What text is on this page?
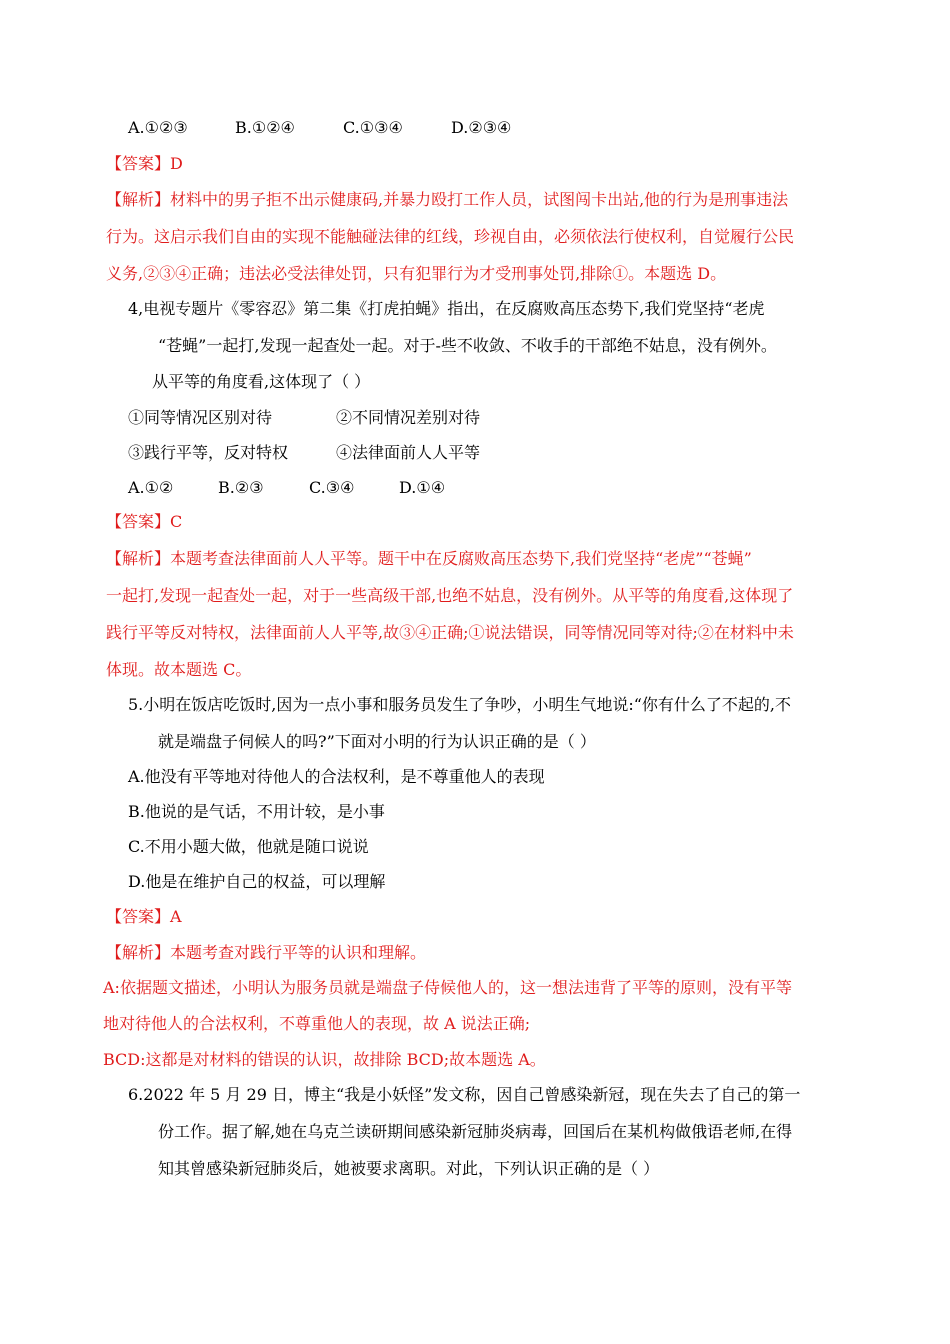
A.①②③	B.①②④	C.①③④	D.②③④
【答案】D
【解析】材料中的男子拒不出示健康码,并暴力殴打工作人员，试图闯卡出站,他的行为是刑事违法
行为。这启示我们自由的实现不能触碰法律的红线，珍视自由，必须依法行使权利，自觉履行公民
义务,②③④正确；违法必受法律处罚，只有犯罪行为才受刑事处罚,排除①。本题选 D。
4,电视专题片《零容忍》第二集《打虎拍蝇》指出，在反腐败高压态势下,我们党坚持“老虎
“苍蝇”一起打,发现一起查处一起。对于-些不收敛、不收手的干部绝不姑息，没有例外。
从平等的角度看,这体现了（ ）
①同等情况区别对待	②不同情况差别对待
③践行平等，反对特权	④法律面前人人平等
A.①②	B.②③	C.③④	D.①④
【答案】C
【解析】本题考查法律面前人人平等。题干中在反腐败高压态势下,我们党坚持“老虎”“苍蝇”
一起打,发现一起查处一起，对于一些高级干部,也绝不姑息，没有例外。从平等的角度看,这体现了
践行平等反对特权，法律面前人人平等,故③④正确;①说法错误，同等情况同等对待;②在材料中未
体现。故本题选 C。
5.小明在饭店吃饭时,因为一点小事和服务员发生了争吵，小明生气地说:“你有什么了不起的,不
就是端盘子伺候人的吗?”下面对小明的行为认识正确的是（ ）
A.他没有平等地对待他人的合法权利，是不尊重他人的表现
B.他说的是气话，不用计较，是小事
C.不用小题大做，他就是随口说说
D.他是在维护自己的权益，可以理解
【答案】A
【解析】本题考查对践行平等的认识和理解。
A:依据题文描述，小明认为服务员就是端盘子侍候他人的，这一想法违背了平等的原则，没有平等
地对待他人的合法权利，不尊重他人的表现，故 A 说法正确;
BCD:这都是对材料的错误的认识，故排除 BCD;故本题选 A。
6.2022 年 5 月 29 日，博主“我是小妖怪”发文称，因自己曾感染新冠，现在失去了自己的第一
份工作。据了解,她在乌克兰读研期间感染新冠肺炎病毒，回国后在某机构做俄语老师,在得
知其曾感染新冠肺炎后，她被要求离职。对此，下列认识正确的是（ ）
